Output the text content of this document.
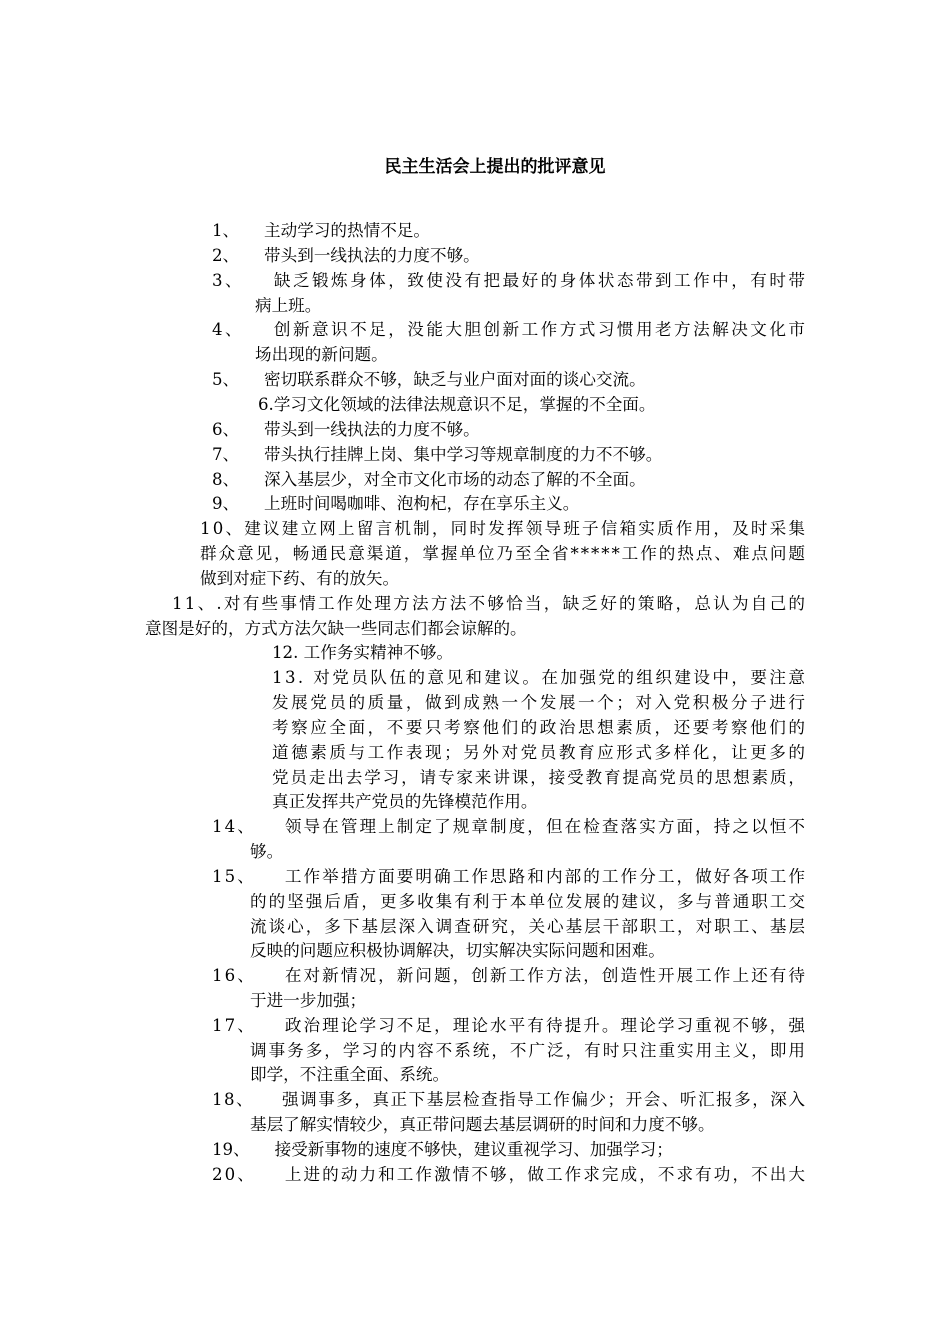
民主生活会上提出的批评意见
1、　　主动学习的热情不足。
2、　　带头到一线执法的力度不够。
3、　　缺乏锻炼身体，致使没有把最好的身体状态带到工作中，有时带
病上班。
4、　　创新意识不足，没能大胆创新工作方式习惯用老方法解决文化市
场出现的新问题。
5、　　密切联系群众不够，缺乏与业户面对面的谈心交流。
6.学习文化领域的法律法规意识不足，掌握的不全面。
6、　　带头到一线执法的力度不够。
7、　　带头执行挂牌上岗、集中学习等规章制度的力不不够。
8、　　深入基层少，对全市文化市场的动态了解的不全面。
9、　　上班时间喝咖啡、泡枸杞，存在享乐主义。
10、建议建立网上留言机制，同时发挥领导班子信箱实质作用，及时采集
群众意见，畅通民意渠道，掌握单位乃至全省*****工作的热点、难点问题
做到对症下药、有的放矢。
11、.对有些事情工作处理方法方法不够恰当，缺乏好的策略，总认为自己的
意图是好的，方式方法欠缺一些同志们都会谅解的。
12. 工作务实精神不够。
13. 对党员队伍的意见和建议。在加强党的组织建设中，要注意
发展党员的质量，做到成熟一个发展一个；对入党积极分子进行
考察应全面，不要只考察他们的政治思想素质，还要考察他们的
道德素质与工作表现；另外对党员教育应形式多样化，让更多的
党员走出去学习，请专家来讲课，接受教育提高党员的思想素质，
真正发挥共产党员的先锋模范作用。
14、　　领导在管理上制定了规章制度，但在检查落实方面，持之以恒不
够。
15、　　工作举措方面要明确工作思路和内部的工作分工，做好各项工作
的的坚强后盾，更多收集有利于本单位发展的建议，多与普通职工交
流谈心，多下基层深入调查研究，关心基层干部职工，对职工、基层
反映的问题应积极协调解决，切实解决实际问题和困难。
16、　　在对新情况，新问题，创新工作方法，创造性开展工作上还有待
于进一步加强；
17、　　政治理论学习不足，理论水平有待提升。理论学习重视不够，强
调事务多，学习的内容不系统，不广泛，有时只注重实用主义，即用
即学，不注重全面、系统。
18、　　强调事多，真正下基层检查指导工作偏少；开会、听汇报多，深入
基层了解实情较少，真正带问题去基层调研的时间和力度不够。
19、　　接受新事物的速度不够快，建议重视学习、加强学习；
20、　　上进的动力和工作激情不够，做工作求完成，不求有功，不出大
